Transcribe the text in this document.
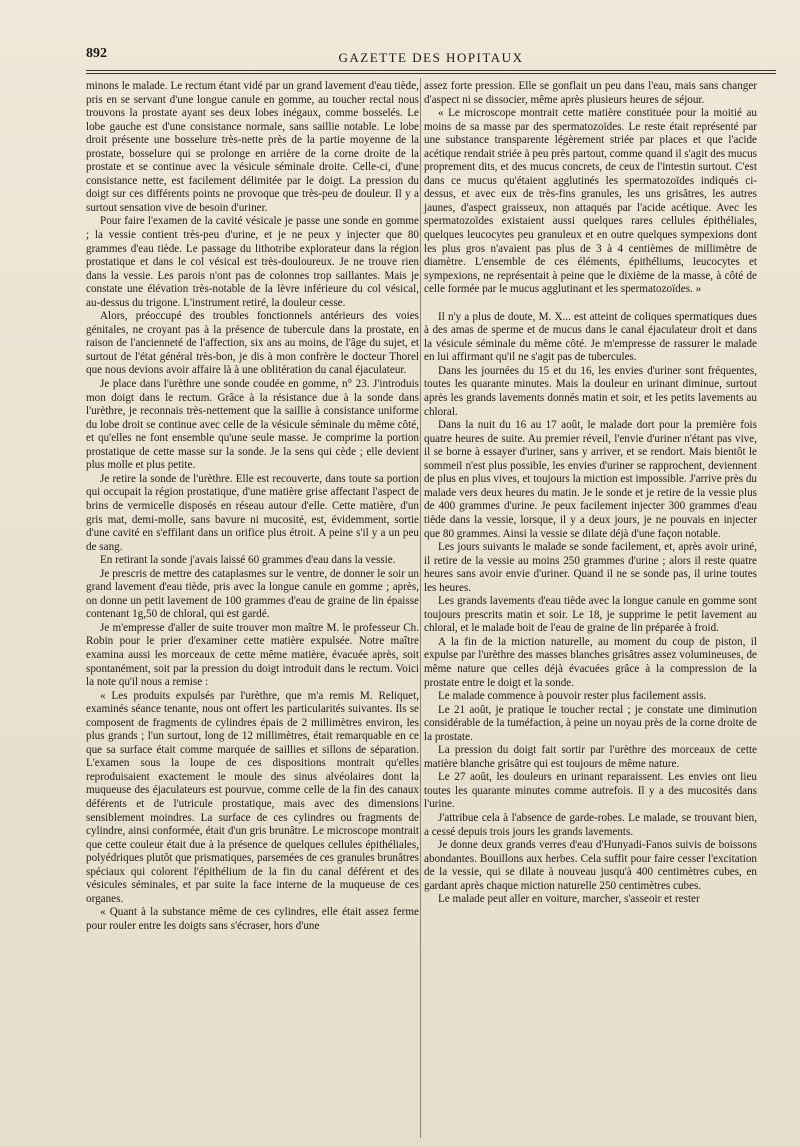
892	GAZETTE DES HOPITAUX

minons le malade. Le rectum étant vidé par un grand lavement d'eau tiède, pris en se servant d'une longue canule en gomme, au toucher rectal nous trouvons la prostate ayant ses deux lobes inégaux, comme bosselés. Le lobe gauche est d'une consistance normale, sans saillie notable. Le lobe droit présente une bosselure très-nette près de la partie moyenne de la prostate, bosselure qui se prolonge en arrière de la corne droite de la prostate et se continue avec la vésicule séminale droite. Celle-ci, d'une consistance nette, est facilement délimitée par le doigt. La pression du doigt sur ces différents points ne provoque que très-peu de douleur. Il y a surtout sensation vive de besoin d'uriner.

Pour faire l'examen de la cavité vésicale je passe une sonde en gomme ; la vessie contient très-peu d'urine, et je ne peux y injecter que 80 grammes d'eau tiède. Le passage du lithotribe explorateur dans la région prostatique et dans le col vésical est très-douloureux. Je ne trouve rien dans la vessie. Les parois n'ont pas de colonnes trop saillantes. Mais je constate une élévation très-notable de la lèvre inférieure du col vésical, au-dessus du trigone. L'instrument retiré, la douleur cesse.

Alors, préoccupé des troubles fonctionnels antérieurs des voies génitales, ne croyant pas à la présence de tubercule dans la prostate, en raison de l'ancienneté de l'affection, six ans au moins, de l'âge du sujet, et surtout de l'état général très-bon, je dis à mon confrère le docteur Thorel que nous devions avoir affaire là à une oblitération du canal éjaculateur.

Je place dans l'urèthre une sonde coudée en gomme, n° 23. J'introduis mon doigt dans le rectum. Grâce à la résistance due à la sonde dans l'urèthre, je reconnais très-nettement que la saillie à consistance uniforme du lobe droit se continue avec celle de la vésicule séminale du même côté, et qu'elles ne font ensemble qu'une seule masse. Je comprime la portion prostatique de cette masse sur la sonde. Je la sens qui cède ; elle devient plus molle et plus petite.

Je retire la sonde de l'urèthre. Elle est recouverte, dans toute sa portion qui occupait la région prostatique, d'une matière grise affectant l'aspect de brins de vermicelle disposés en réseau autour d'elle. Cette matière, d'un gris mat, demi-molle, sans bavure ni mucosité, est, évidemment, sortie d'une cavité en s'effilant dans un orifice plus étroit. A peine s'il y a un peu de sang.

En retirant la sonde j'avais laissé 60 grammes d'eau dans la vessie.

Je prescris de mettre des cataplasmes sur le ventre, de donner le soir un grand lavement d'eau tiède, pris avec la longue canule en gomme ; après, on donne un petit lavement de 100 grammes d'eau de graine de lin épaisse contenant 1g,50 de chloral, qui est gardé.

Je m'empresse d'aller de suite trouver mon maître M. le professeur Ch. Robin pour le prier d'examiner cette matière expulsée. Notre maître examina aussi les morceaux de cette même matière, évacuée après, soit spontanément, soit par la pression du doigt introduit dans le rectum. Voici la note qu'il nous a remise :

« Les produits expulsés par l'urèthre, que m'a remis M. Reliquet, examinés séance tenante, nous ont offert les particularités suivantes. Ils se composent de fragments de cylindres épais de 2 millimètres environ, les plus grands ; l'un surtout, long de 12 millimètres, était remarquable en ce que sa surface était comme marquée de saillies et sillons de séparation. L'examen sous la loupe de ces dispositions montrait qu'elles reproduisaient exactement le moule des sinus alvéolaires dont la muqueuse des éjaculateurs est pourvue, comme celle de la fin des canaux déférents et de l'utricule prostatique, mais avec des dimensions sensiblement moindres. La surface de ces cylindres ou fragments de cylindre, ainsi conformée, était d'un gris brunâtre. Le microscope montrait que cette couleur était due à la présence de quelques cellules épithéliales, polyédriques plutôt que prismatiques, parsemées de ces granules brunâtres spéciaux qui colorent l'épithélium de la fin du canal déférent et des vésicules séminales, et par suite la face interne de la muqueuse de ces organes.

« Quant à la substance même de ces cylindres, elle était assez ferme pour rouler entre les doigts sans s'écraser, hors d'une

assez forte pression. Elle se gonflait un peu dans l'eau, mais sans changer d'aspect ni se dissocier, même après plusieurs heures de séjour.

« Le microscope montrait cette matière constituée pour la moitié au moins de sa masse par des spermatozoïdes. Le reste était représenté par une substance transparente légèrement striée par places et que l'acide acétique rendait striée à peu près partout, comme quand il s'agit des mucus proprement dits, et des mucus concrets, de ceux de l'intestin surtout. C'est dans ce mucus qu'étaient agglutinés les spermatozoïdes indiqués ci-dessus, et avec eux de très-fins granules, les uns grisâtres, les autres jaunes, d'aspect graisseux, non attaqués par l'acide acétique. Avec les spermatozoïdes existaient aussi quelques rares cellules épithéliales, quelques leucocytes peu granuleux et en outre quelques sympexions dont les plus gros n'avaient pas plus de 3 à 4 centièmes de millimètre de diamètre. L'ensemble de ces éléments, épithéliums, leucocytes et sympexions, ne représentait à peine que le dixième de la masse, à côté de celle formée par le mucus agglutinant et les spermatozoïdes. »

Il n'y a plus de doute, M. X... est atteint de coliques spermatiques dues à des amas de sperme et de mucus dans le canal éjaculateur droit et dans la vésicule séminale du même côté. Je m'empresse de rassurer le malade en lui affirmant qu'il ne s'agit pas de tubercules.

Dans les journées du 15 et du 16, les envies d'uriner sont fréquentes, toutes les quarante minutes. Mais la douleur en urinant diminue, surtout après les grands lavements donnés matin et soir, et les petits lavements au chloral.

Dans la nuit du 16 au 17 août, le malade dort pour la première fois quatre heures de suite. Au premier réveil, l'envie d'uriner n'étant pas vive, il se borne à essayer d'uriner, sans y arriver, et se rendort. Mais bientôt le sommeil n'est plus possible, les envies d'uriner se rapprochent, deviennent de plus en plus vives, et toujours la miction est impossible. J'arrive près du malade vers deux heures du matin. Je le sonde et je retire de la vessie plus de 400 grammes d'urine. Je peux facilement injecter 300 grammes d'eau tiède dans la vessie, lorsque, il y a deux jours, je ne pouvais en injecter que 80 grammes. Ainsi la vessie se dilate déjà d'une façon notable.

Les jours suivants le malade se sonde facilement, et, après avoir uriné, il retire de la vessie au moins 250 grammes d'urine ; alors il reste quatre heures sans avoir envie d'uriner. Quand il ne se sonde pas, il urine toutes les heures.

Les grands lavements d'eau tiède avec la longue canule en gomme sont toujours prescrits matin et soir. Le 18, je supprime le petit lavement au chloral, et le malade boit de l'eau de graine de lin préparée à froid.

A la fin de la miction naturelle, au moment du coup de piston, il expulse par l'urèthre des masses blanches grisâtres assez volumineuses, de même nature que celles déjà évacuées grâce à la compression de la prostate entre le doigt et la sonde.

Le malade commence à pouvoir rester plus facilement assis.

Le 21 août, je pratique le toucher rectal ; je constate une diminution considérable de la tuméfaction, à peine un noyau près de la corne droite de la prostate.

La pression du doigt fait sortir par l'urèthre des morceaux de cette matière blanche grisâtre qui est toujours de même nature.

Le 27 août, les douleurs en urinant reparaissent. Les envies ont lieu toutes les quarante minutes comme autrefois. Il y a des mucosités dans l'urine.

J'attribue cela à l'absence de garde-robes. Le malade, se trouvant bien, a cessé depuis trois jours les grands lavements.

Je donne deux grands verres d'eau d'Hunyadi-Fanos suivis de boissons abondantes. Bouillons aux herbes. Cela suffit pour faire cesser l'excitation de la vessie, qui se dilate à nouveau jusqu'à 400 centimètres cubes, en gardant après chaque miction naturelle 250 centimètres cubes.

Le malade peut aller en voiture, marcher, s'asseoir et rester
